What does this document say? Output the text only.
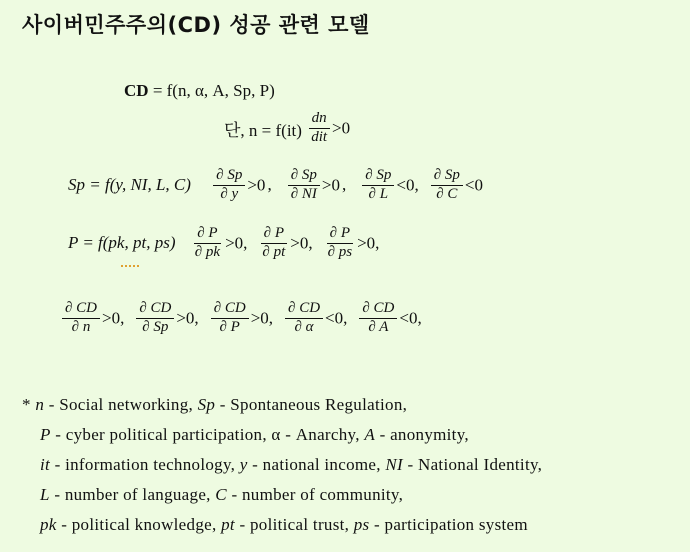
사이버민주주의(CD) 성공 관련 모델
CD = f(n, α, A, Sp, P)
단, $n = f(it) \frac{dn}{\text{dit}} >0$
Sp = f(y, NI, L, $C) \frac{\partial Sp}{\partial y} >0$ , $\frac{\partial Sp}{\partial NI} >0$ , $\frac{\partial Sp}{\partial L} <0$, $\frac{\partial Sp}{\partial C} <0$
P = f(pk, pt, $ps) \frac{\partial P}{\partial pk} >0$, $\frac{\partial P}{\partial pt} >0$, $\frac{\partial P}{\partial ps} >0$,
$\frac{\partial CD}{\partial n} >0$, $\frac{\partial CD}{\partial Sp} >0$, $\frac{\partial CD}{\partial P} >0$, $\frac{\partial CD}{\partial \alpha} <0$, $\frac{\partial CD}{\partial A} <0$,
* n - Social networking, Sp - Spontaneous Regulation,
P - cyber political participation, α - Anarchy, A - anonymity,
it - information technology, y - national income, NI - National Identity,
L - number of language, C - number of community,
pk - political knowledge, pt - political trust, ps - participation system
